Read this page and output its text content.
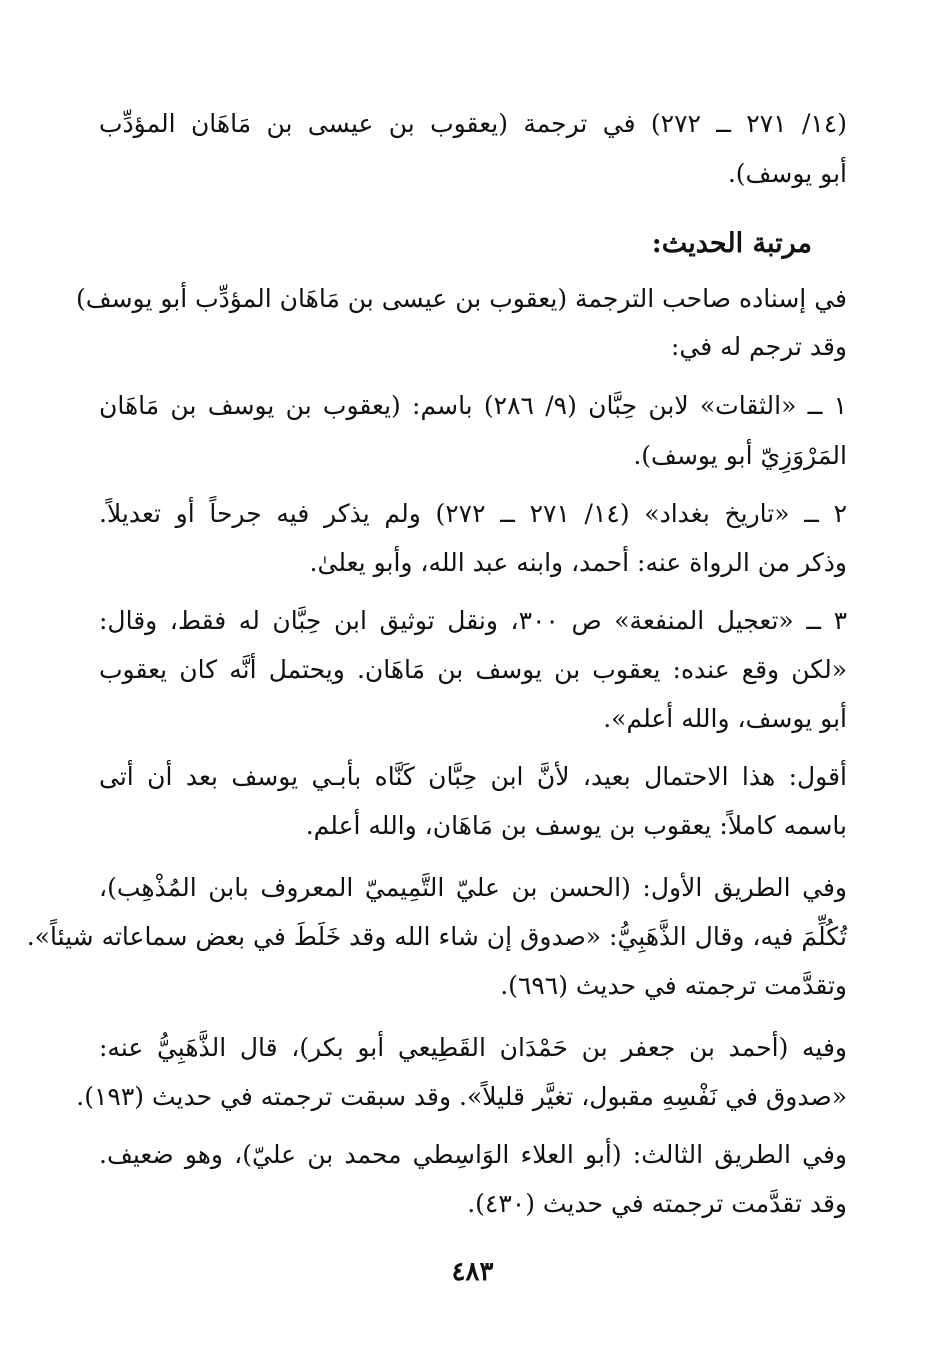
(١٤/ ٢٧١ ــ ٢٧٢) في ترجمة (يعقوب بن عيسى بن مَاهَان المؤدِّب
أبو يوسف).
مرتبة الحديث:
في إسناده صاحب الترجمة (يعقوب بن عيسى بن مَاهَان المؤدِّب أبو يوسف)
وقد ترجم له في:
١ ــ «الثقات» لابن حِبَّان (٩/ ٢٨٦) باسم: (يعقوب بن يوسف بن مَاهَان
المَرْوَزِيّ أبو يوسف).
٢ ــ «تاريخ بغداد» (١٤/ ٢٧١ ــ ٢٧٢) ولم يذكر فيه جرحاً أو تعديلاً.
وذكر من الرواة عنه: أحمد، وابنه عبد الله، وأبو يعلىٰ.
٣ ــ «تعجيل المنفعة» ص ٣٠٠، ونقل توثيق ابن حِبَّان له فقط، وقال:
«لكن وقع عنده: يعقوب بن يوسف بن مَاهَان. ويحتمل أنَّه كان يعقوب
أبو يوسف، والله أعلم».
أقول: هذا الاحتمال بعيد، لأنَّ ابن حِبَّان كَنَّاه بأبـي يوسف بعد أن أتى
باسمه كاملاً: يعقوب بن يوسف بن مَاهَان، والله أعلم.
وفي الطريق الأول: (الحسن بن عليّ التَّمِيميّ المعروف بابن المُذْهِب)،
تُكُلِّمَ فيه، وقال الذَّهَبِيُّ: «صدوق إن شاء الله وقد خَلَطَ في بعض سماعاته شيئاً».
وتقدَّمت ترجمته في حديث (٦٩٦).
وفيه (أحمد بن جعفر بن حَمْدَان القَطِيعي أبو بكر)، قال الذَّهَبِيُّ عنه:
«صدوق في نَفْسِهِ مقبول، تغيَّر قليلاً». وقد سبقت ترجمته في حديث (١٩٣).
وفي الطريق الثالث: (أبو العلاء الوَاسِطي محمد بن عليّ)، وهو ضعيف.
وقد تقدَّمت ترجمته في حديث (٤٣٠).
٤٨٣
